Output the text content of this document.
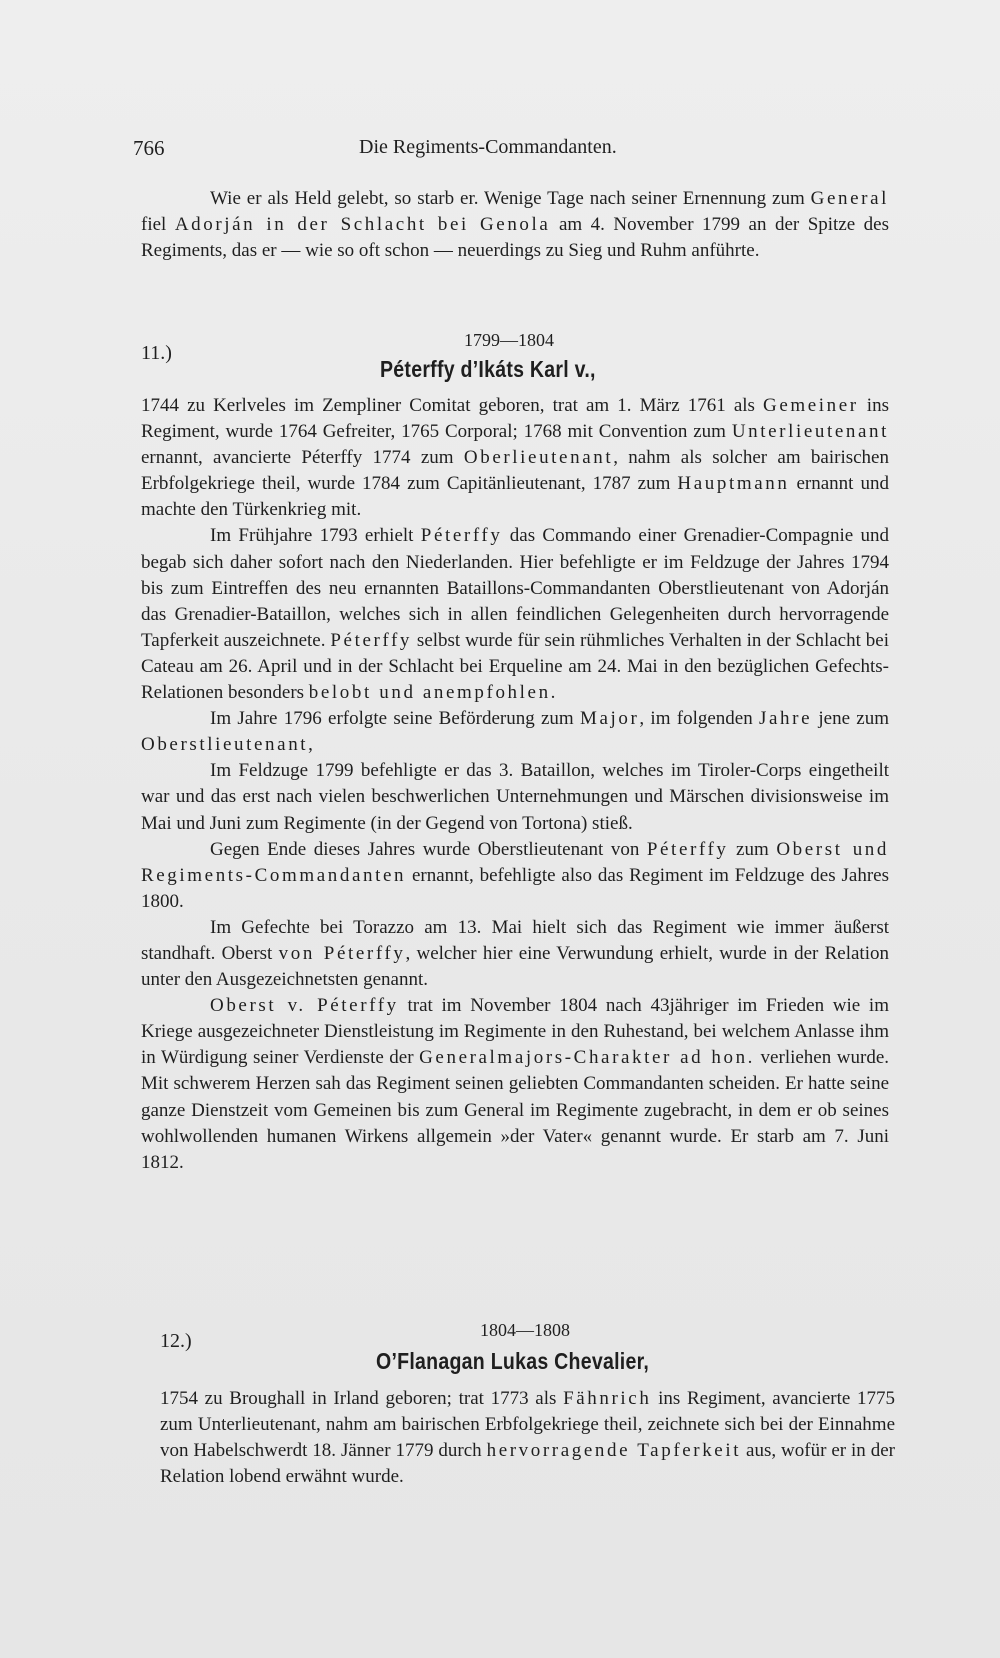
766	Die Regiments-Commandanten.

Wie er als Held gelebt, so starb er. Wenige Tage nach seiner Ernennung zum General fiel Adorján in der Schlacht bei Genola am 4. November 1799 an der Spitze des Regiments, das er — wie so oft schon — neuerdings zu Sieg und Ruhm anführte.

11.)
1799—1804
Péterffy d’Ikáts Karl v.,

1744 zu Kerlveles im Zempliner Comitat geboren, trat am 1. März 1761 als Gemeiner ins Regiment, wurde 1764 Gefreiter, 1765 Corporal; 1768 mit Convention zum Unterlieutenant ernannt, avancierte Péterffy 1774 zum Oberlieutenant, nahm als solcher am bairischen Erbfolgekriege theil, wurde 1784 zum Capitänlieutenant, 1787 zum Hauptmann ernannt und machte den Türkenkrieg mit.

Im Frühjahre 1793 erhielt Péterffy das Commando einer Grenadier-Compagnie und begab sich daher sofort nach den Niederlanden. Hier befehligte er im Feldzuge der Jahres 1794 bis zum Eintreffen des neu ernannten Bataillons-Commandanten Oberstlieutenant von Adorján das Grenadier-Bataillon, welches sich in allen feindlichen Gelegenheiten durch hervorragende Tapferkeit auszeichnete. Péterffy selbst wurde für sein rühmliches Verhalten in der Schlacht bei Cateau am 26. April und in der Schlacht bei Erqueline am 24. Mai in den bezüglichen Gefechts-Relationen besonders belobt und anempfohlen.

Im Jahre 1796 erfolgte seine Beförderung zum Major, im folgenden Jahre jene zum Oberstlieutenant,

Im Feldzuge 1799 befehligte er das 3. Bataillon, welches im Tiroler-Corps eingetheilt war und das erst nach vielen beschwerlichen Unternehmungen und Märschen divisionsweise im Mai und Juni zum Regimente (in der Gegend von Tortona) stieß.

Gegen Ende dieses Jahres wurde Oberstlieutenant von Péterffy zum Oberst und Regiments-Commandanten ernannt, befehligte also das Regiment im Feldzuge des Jahres 1800.

Im Gefechte bei Torazzo am 13. Mai hielt sich das Regiment wie immer äußerst standhaft. Oberst von Péterffy, welcher hier eine Verwundung erhielt, wurde in der Relation unter den Ausgezeichnetsten genannt.

Oberst v. Péterffy trat im November 1804 nach 43jähriger im Frieden wie im Kriege ausgezeichneter Dienstleistung im Regimente in den Ruhestand, bei welchem Anlasse ihm in Würdigung seiner Verdienste der Generalmajors-Charakter ad hon. verliehen wurde. Mit schwerem Herzen sah das Regiment seinen geliebten Commandanten scheiden. Er hatte seine ganze Dienstzeit vom Gemeinen bis zum General im Regimente zugebracht, in dem er ob seines wohlwollenden humanen Wirkens allgemein »der Vater« genannt wurde. Er starb am 7. Juni 1812.

12.)	1804—1808
O’Flanagan Lukas Chevalier,

1754 zu Broughall in Irland geboren; trat 1773 als Fähnrich ins Regiment, avancierte 1775 zum Unterlieutenant, nahm am bairischen Erbfolgekriege theil, zeichnete sich bei der Einnahme von Habelschwerdt 18. Jänner 1779 durch hervorragende Tapferkeit aus, wofür er in der Relation lobend erwähnt wurde.
